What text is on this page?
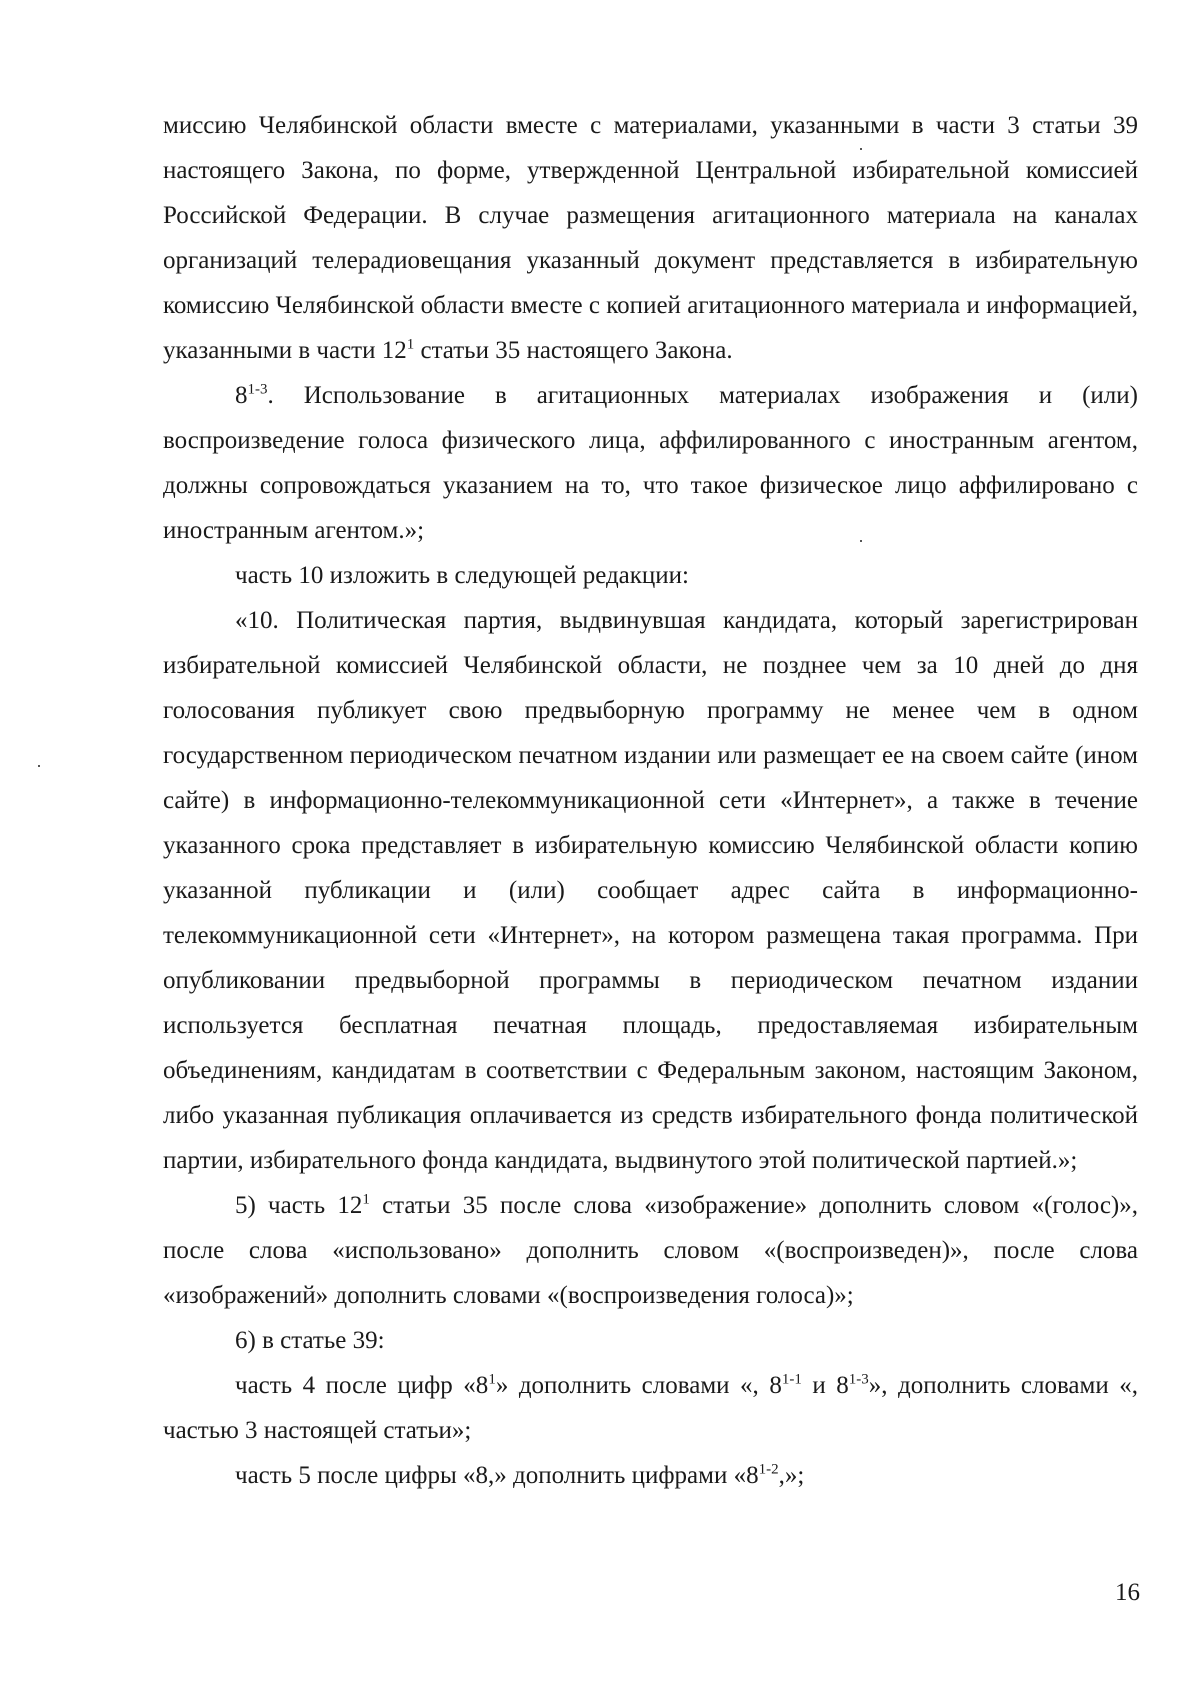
миссию Челябинской области вместе с материалами, указанными в части 3 статьи 39 настоящего Закона, по форме, утвержденной Центральной избирательной комиссией Российской Федерации. В случае размещения агитационного материала на каналах организаций телерадиовещания указанный документ представляется в избирательную комиссию Челябинской области вместе с копией агитационного материала и информацией, указанными в части $12^1$ статьи 35 настоящего Закона.

8$^{1-3}$. Использование в агитационных материалах изображения и (или) воспроизведение голоса физического лица, аффилированного с иностранным агентом, должны сопровождаться указанием на то, что такое физическое лицо аффилировано с иностранным агентом.»;

часть 10 изложить в следующей редакции:

«10. Политическая партия, выдвинувшая кандидата, который зарегистрирован избирательной комиссией Челябинской области, не позднее чем за 10 дней до дня голосования публикует свою предвыборную программу не менее чем в одном государственном периодическом печатном издании или размещает ее на своем сайте (ином сайте) в информационно-телекоммуникационной сети «Интернет», а также в течение указанного срока представляет в избирательную комиссию Челябинской области копию указанной публикации и (или) сообщает адрес сайта в информационно-телекоммуникационной сети «Интернет», на котором размещена такая программа. При опубликовании предвыборной программы в периодическом печатном издании используется бесплатная печатная площадь, предоставляемая избирательным объединениям, кандидатам в соответствии с Федеральным законом, настоящим Законом, либо указанная публикация оплачивается из средств избирательного фонда политической партии, избирательного фонда кандидата, выдвинутого этой политической партией.»;

5) часть $12^1$ статьи 35 после слова «изображение» дополнить словом «(голос)», после слова «использовано» дополнить словом «(воспроизведен)», после слова «изображений» дополнить словами «(воспроизведения голоса)»;

6) в статье 39:

часть 4 после цифр «$8^1$» дополнить словами «, 8$^{1-1}$ и 8$^{1-3}$», дополнить словами «, частью 3 настоящей статьи»;

часть 5 после цифры «8,» дополнить цифрами «8$^{1-2}$,»;

16
